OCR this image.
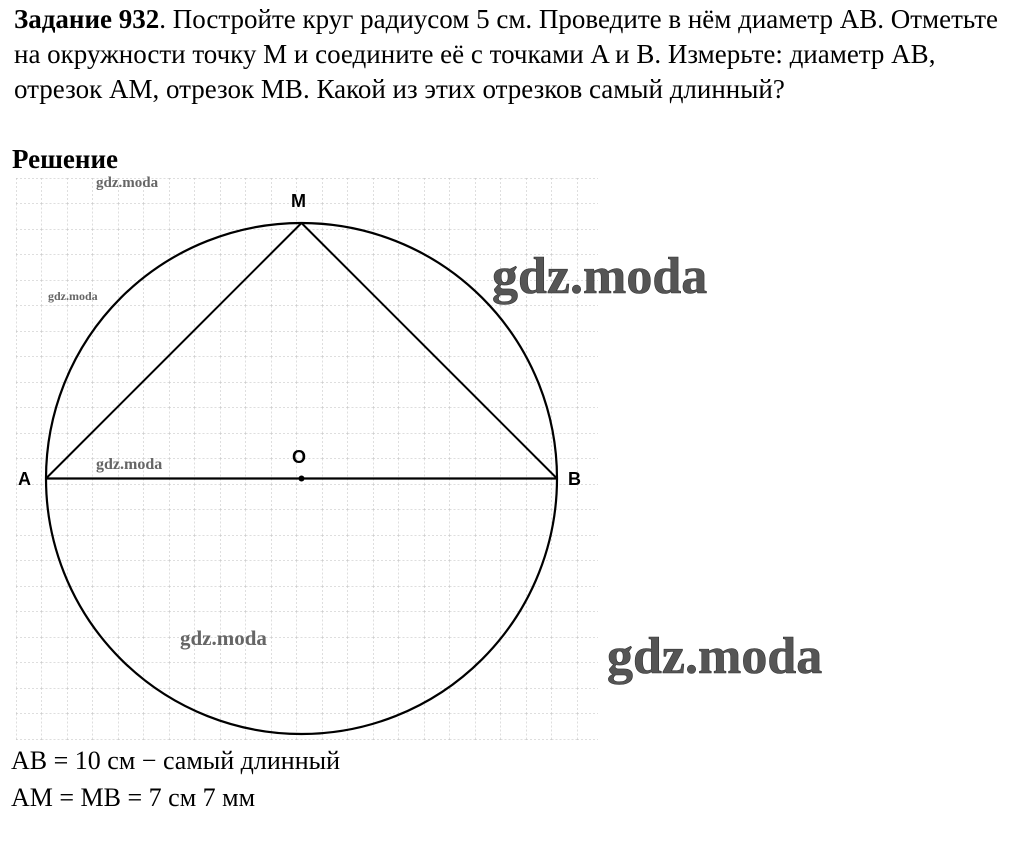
Задание 932. Постройте круг радиусом 5 см. Проведите в нём диаметр AB. Отметьте на окружности точку M и соедините её с точками A и B. Измерьте: диаметр AB, отрезок AM, отрезок MB. Какой из этих отрезков самый длинный?

Решение

M
O
A	B
gdz.moda
gdz.moda
gdz.moda
gdz.moda
gdz.moda
gdz.moda
AB = 10 см − самый длинный
AM = MB = 7 см 7 мм
